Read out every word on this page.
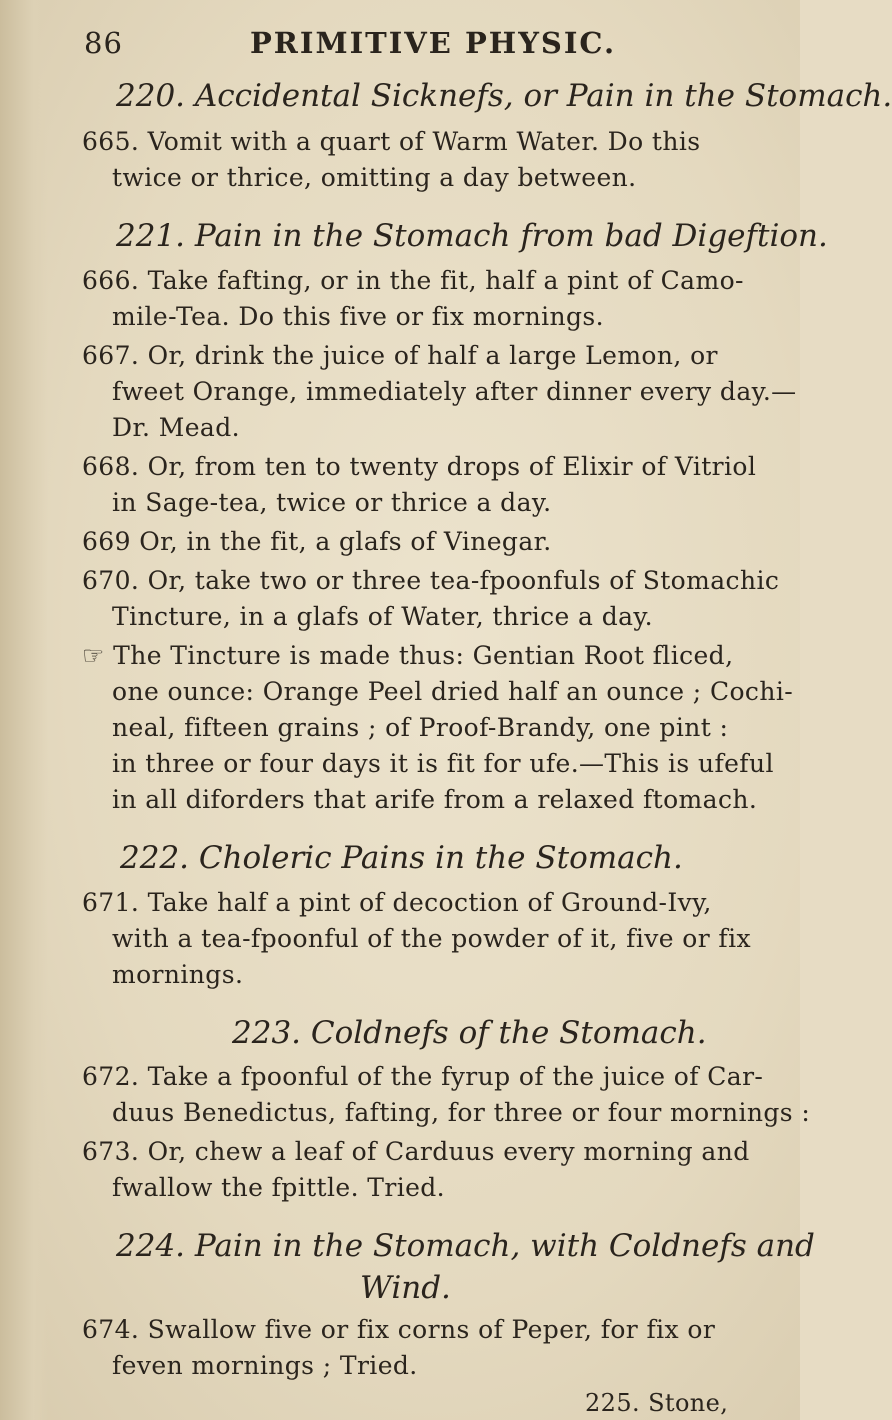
86	PRIMITIVE PHYSIC.
220. Accidental Sicknefs, or Pain in the Stomach.
665. Vomit with a quart of Warm Water. Do this
twice or thrice, omitting a day between.
221. Pain in the Stomach from bad Digeftion.
666. Take fafting, or in the fit, half a pint of Camo-
mile-Tea. Do this five or fix mornings.
667. Or, drink the juice of half a large Lemon, or
fweet Orange, immediately after dinner every day.—
Dr. Mead.
668. Or, from ten to twenty drops of Elixir of Vitriol
in Sage-tea, twice or thrice a day.
669 Or, in the fit, a glafs of Vinegar.
670. Or, take two or three tea-fpoonfuls of Stomachic
Tincture, in a glafs of Water, thrice a day.
☞ The Tincture is made thus: Gentian Root fliced,
one ounce: Orange Peel dried half an ounce ; Cochi-
neal, fifteen grains ; of Proof-Brandy, one pint :
in three or four days it is fit for ufe.—This is ufeful
in all diforders that arife from a relaxed ftomach.
222. Choleric Pains in the Stomach.
671. Take half a pint of decoction of Ground-Ivy,
with a tea-fpoonful of the powder of it, five or fix
mornings.
223. Coldnefs of the Stomach.
672. Take a fpoonful of the fyrup of the juice of Car-
duus Benedictus, fafting, for three or four mornings :
673. Or, chew a leaf of Carduus every morning and
fwallow the fpittle. Tried.
224. Pain in the Stomach, with Coldnefs and
Wind.
674. Swallow five or fix corns of Peper, for fix or
feven mornings ; Tried.
225. Stone,
